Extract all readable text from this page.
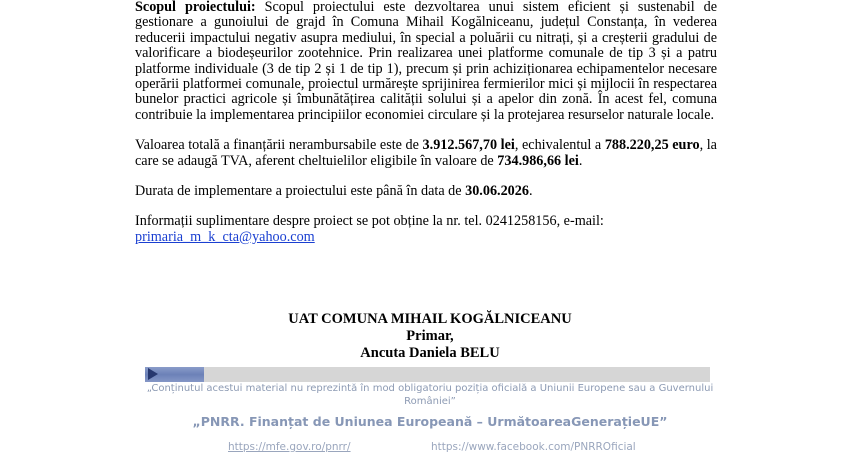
Scopul proiectului: Scopul proiectului este dezvoltarea unui sistem eficient și sustenabil de gestionare a gunoiului de grajd în Comuna Mihail Kogălniceanu, județul Constanța, în vederea reducerii impactului negativ asupra mediului, în special a poluării cu nitrați, și a creșterii gradului de valorificare a biodeșeurilor zootehnice. Prin realizarea unei platforme comunale de tip 3 și a patru platforme individuale (3 de tip 2 și 1 de tip 1), precum și prin achiziționarea echipamentelor necesare operării platformei comunale, proiectul urmărește sprijinirea fermierilor mici și mijlocii în respectarea bunelor practici agricole și îmbunătățirea calității solului și a apelor din zonă. În acest fel, comuna contribuie la implementarea principiilor economiei circulare și la protejarea resurselor naturale locale.

Valoarea totală a finanțării nerambursabile este de 3.912.567,70 lei, echivalentul a 788.220,25 euro, la care se adaugă TVA, aferent cheltuielilor eligibile în valoare de 734.986,66 lei.

Durata de implementare a proiectului este până în data de 30.06.2026.

Informații suplimentare despre proiect se pot obține la nr. tel. 0241258156, e-mail:
primaria_m_k_cta@yahoo.com

UAT COMUNA MIHAIL KOGĂLNICEANU
Primar,
Ancuta Daniela BELU
„Conținutul acestui material nu reprezintă în mod obligatoriu poziția oficială a Uniunii Europene sau a Guvernului României”
„PNRR. Finanțat de Uniunea Europeană – UrmătoareaGenerațieUE”
https://mfe.gov.ro/pnrr/	https://www.facebook.com/PNRROficial
